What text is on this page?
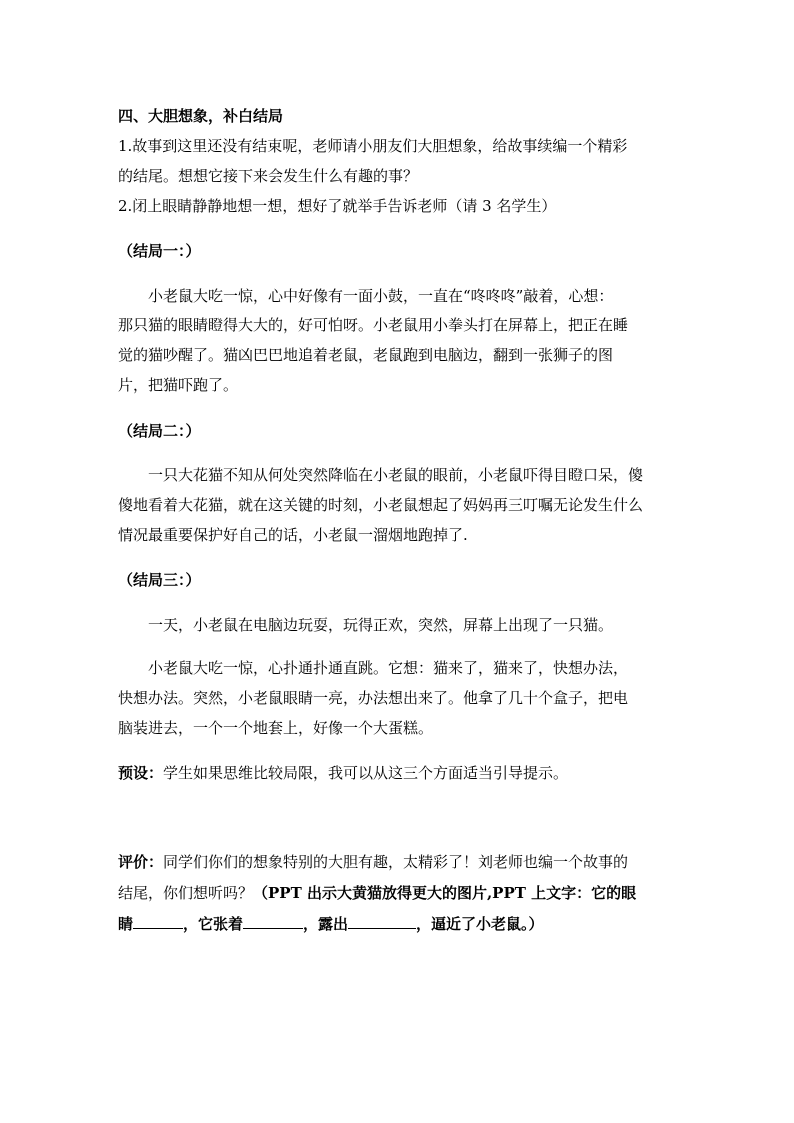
四、大胆想象，补白结局
1.故事到这里还没有结束呢，老师请小朋友们大胆想象，给故事续编一个精彩
的结尾。想想它接下来会发生什么有趣的事？
2.闭上眼睛静静地想一想，想好了就举手告诉老师（请 3 名学生）
（结局一：）
小老鼠大吃一惊，心中好像有一面小鼓，一直在“咚咚咚”敲着，心想：
那只猫的眼睛瞪得大大的，好可怕呀。小老鼠用小拳头打在屏幕上，把正在睡
觉的猫吵醒了。猫凶巴巴地追着老鼠，老鼠跑到电脑边，翻到一张狮子的图
片，把猫吓跑了。
（结局二：）
一只大花猫不知从何处突然降临在小老鼠的眼前，小老鼠吓得目瞪口呆，傻
傻地看着大花猫，就在这关键的时刻，小老鼠想起了妈妈再三叮嘱无论发生什么
情况最重要保护好自己的话，小老鼠一溜烟地跑掉了.
（结局三：）
一天，小老鼠在电脑边玩耍，玩得正欢，突然，屏幕上出现了一只猫。
小老鼠大吃一惊，心扑通扑通直跳。它想：猫来了，猫来了，快想办法，
快想办法。突然，小老鼠眼睛一亮，办法想出来了。他拿了几十个盒子，把电
脑装进去，一个一个地套上，好像一个大蛋糕。
预设：学生如果思维比较局限，我可以从这三个方面适当引导提示。
评价：同学们你们的想象特别的大胆有趣，太精彩了！刘老师也编一个故事的
结尾，你们想听吗？（PPT 出示大黄猫放得更大的图片,PPT 上文字：它的眼
睛	，它张着	，露出	，逼近了小老鼠。）
